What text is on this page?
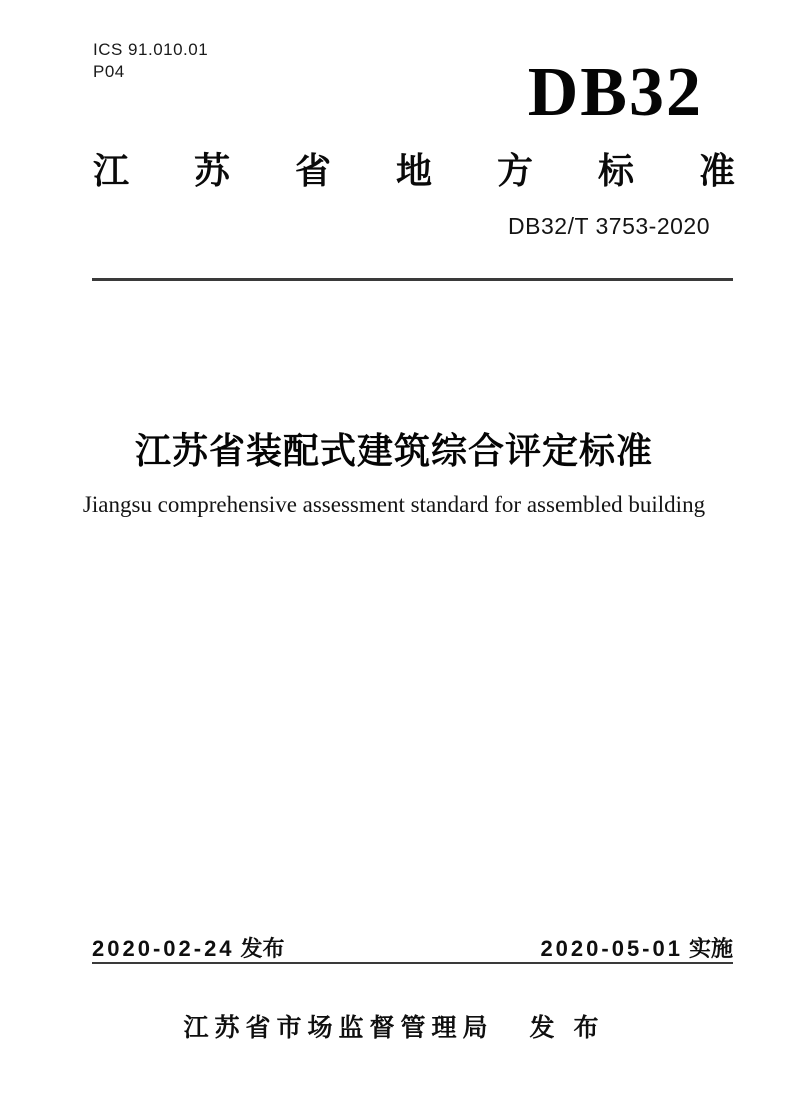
ICS 91.010.01
P04	DB32
江 苏 省 地 方 标 准
DB32/T 3753-2020
江苏省装配式建筑综合评定标准
Jiangsu comprehensive assessment standard for assembled building
2020-02-24 发布	2020-05-01 实施
江苏省市场监督管理局 发 布
